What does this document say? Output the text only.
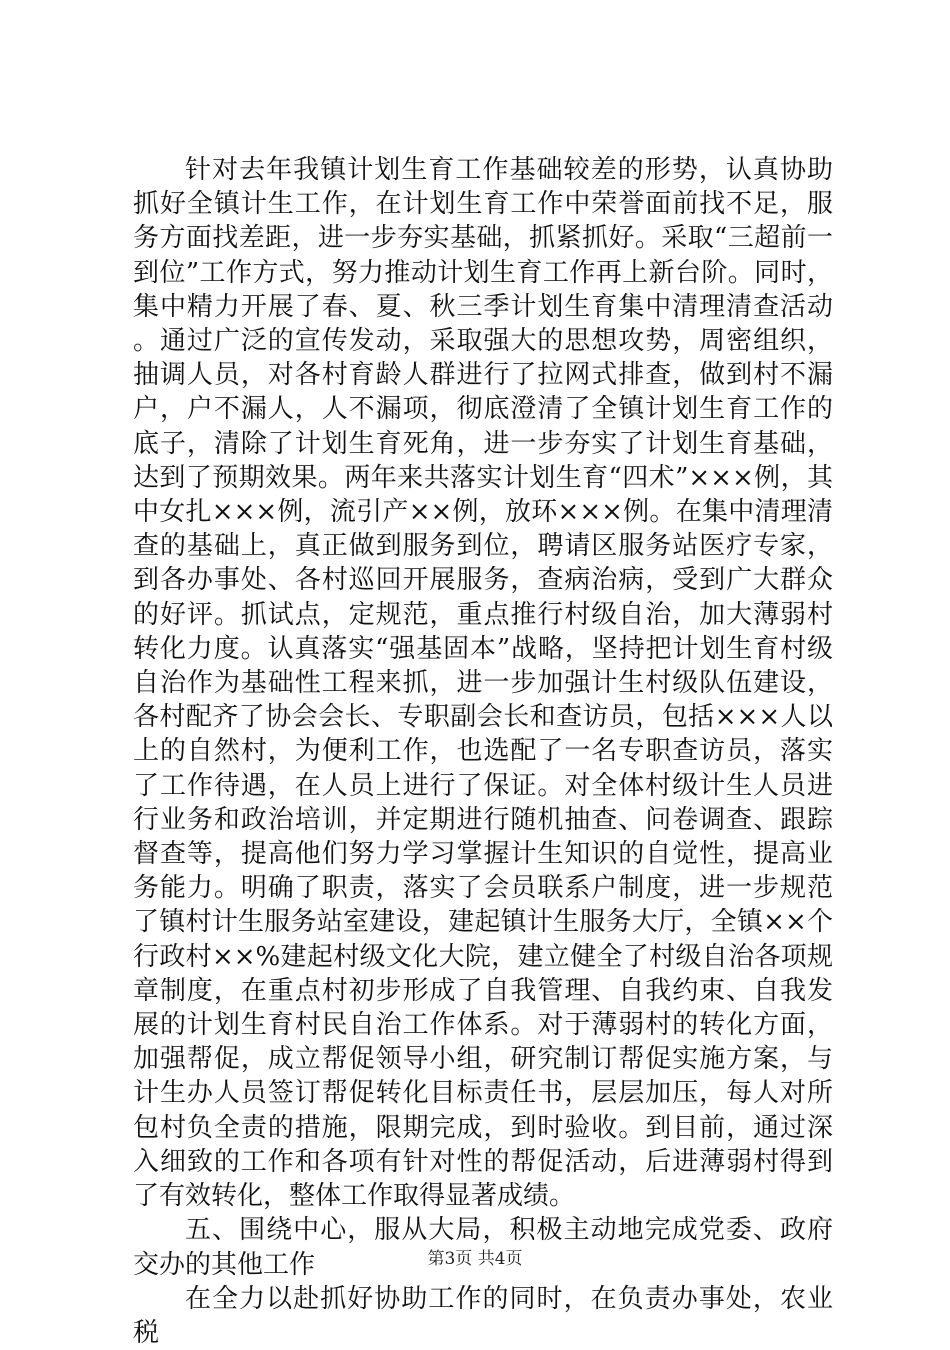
针对去年我镇计划生育工作基础较差的形势，认真协助抓好全镇计生工作，在计划生育工作中荣誉面前找不足，服务方面找差距，进一步夯实基础，抓紧抓好。采取“三超前一到位”工作方式，努力推动计划生育工作再上新台阶。同时，集中精力开展了春、夏、秋三季计划生育集中清理清查活动。通过广泛的宣传发动，采取强大的思想攻势，周密组织，抽调人员，对各村育龄人群进行了拉网式排查，做到村不漏户，户不漏人，人不漏项，彻底澄清了全镇计划生育工作的底子，清除了计划生育死角，进一步夯实了计划生育基础，达到了预期效果。两年来共落实计划生育“四术”×××例，其中女扎×××例，流引产××例，放环×××例。在集中清理清查的基础上，真正做到服务到位，聘请区服务站医疗专家，到各办事处、各村巡回开展服务，查病治病，受到广大群众的好评。抓试点，定规范，重点推行村级自治，加大薄弱村转化力度。认真落实“强基固本”战略，坚持把计划生育村级自治作为基础性工程来抓，进一步加强计生村级队伍建设，各村配齐了协会会长、专职副会长和查访员，包括×××人以上的自然村，为便利工作，也选配了一名专职查访员，落实了工作待遇，在人员上进行了保证。对全体村级计生人员进行业务和政治培训，并定期进行随机抽查、问卷调查、跟踪督查等，提高他们努力学习掌握计生知识的自觉性，提高业务能力。明确了职责，落实了会员联系户制度，进一步规范了镇村计生服务站室建设，建起镇计生服务大厅，全镇××个行政村××%建起村级文化大院，建立健全了村级自治各项规章制度，在重点村初步形成了自我管理、自我约束、自我发展的计划生育村民自治工作体系。对于薄弱村的转化方面，加强帮促，成立帮促领导小组，研究制订帮促实施方案，与计生办人员签订帮促转化目标责任书，层层加压，每人对所包村负全责的措施，限期完成，到时验收。到目前，通过深入细致的工作和各项有针对性的帮促活动，后进薄弱村得到了有效转化，整体工作取得显著成绩。

五、围绕中心，服从大局，积极主动地完成党委、政府交办的其他工作

在全力以赴抓好协助工作的同时，在负责办事处，农业税

第3页 共4页
